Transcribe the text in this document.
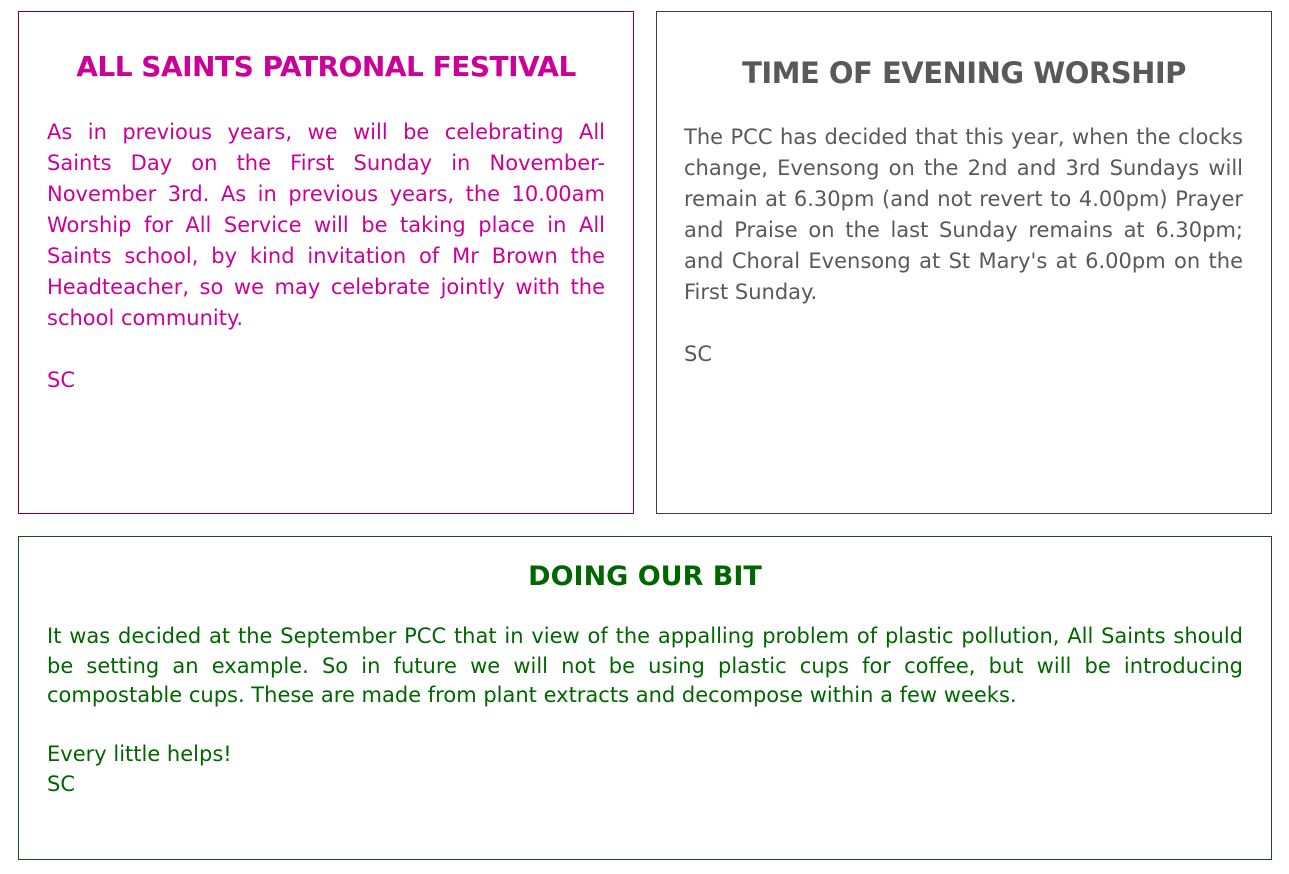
ALL SAINTS PATRONAL FESTIVAL

As in previous years, we will be celebrating All Saints Day on the First Sunday in November- November 3rd. As in previous years, the 10.00am Worship for All Service will be taking place in All Saints school, by kind invitation of Mr Brown the Headteacher, so we may celebrate jointly with the school community.

SC
TIME OF EVENING WORSHIP

The PCC has decided that this year, when the clocks change, Evensong on the 2nd and 3rd Sundays will remain at 6.30pm (and not revert to 4.00pm) Prayer and Praise on the last Sunday remains at 6.30pm; and Choral Evensong at St Mary's at 6.00pm on the First Sunday.

SC
DOING OUR BIT

It was decided at the September PCC that in view of the appalling problem of plastic pollution, All Saints should be setting an example. So in future we will not be using plastic cups for coffee, but will be introducing compostable cups. These are made from plant extracts and decompose within a few weeks.

Every little helps!
SC
